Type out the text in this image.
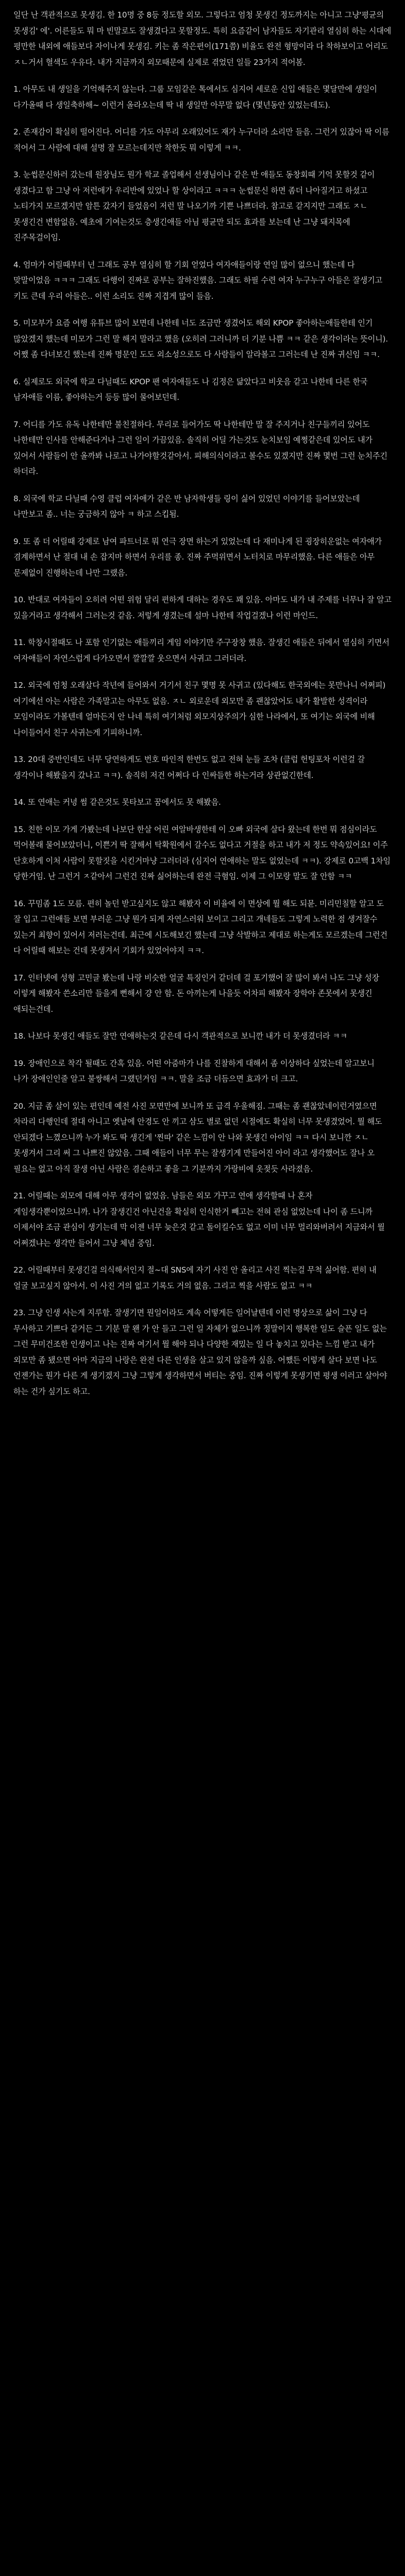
일단 난 객관적으로 못생김. 한 10명 중 8등 정도할 외모. 그렇다고 엄청 못생긴 정도까지는 아니고 그냥'평균의 못생김' 에'. 어른들도 뭐 마 빈말로도 잘생겼다고 못할정도. 특히 요즘같이 남자들도 자기관리 열심히 하는 시대에 평만한 내외에 애들보다 자이나게 못생김. 키는 좀 작은편이(171쯤) 비율도 완전 형망이라 다 착하보이고 어리도 ㅈㄴ거서 혈색도 우유다. 내가 지금까지 외모때문에 실제로 겪었던 일들 23가지 적어봄.

1. 아무도 내 생일을 기억해주지 않는다. 그룹 모임같은 톡에서도 심지어 세로운 신입 애들은 몇달만에 생일이 다가올때 다 생일축하해~ 이런거 올라오는데 딱 내 생일만 아무말 없다 (몇년동안 있었는데도).

2. 존재감이 확실히 떨어진다. 어디를 가도 아무리 오래있어도 재가 누구더라 소리만 들음. 그런거 있잖아 딱 이름 적어서 그 사람에 대해 설명 잘 모르는데지만 착한듯 뭐 이렇게 ㅋㅋ.

3. 눈썹문신하러 갔는데 원장님도 뭔가 학교 졸업해서 선생님이나 같은 반 애들도 동창회때 기억 못할것 같이 생겼다고 함 그냥 아 저런애가 우리반에 있었나 할 상이라고 ㅋㅋㅋ 눈썹문신 하면 좀더 나아질거고 하셨고 노티가지 모르겠지만 암튼 갔자기 들었음이 저런 말 나오기까 기쁜 나쁘더라. 참고로 같지지만 그래도 ㅈㄴ 못생긴건 변함없음. 예초에 기여는것도 층생긴애들 아님 평균만 되도 효과를 보는데 난 그냥 돼지목에 진주목걸이임.

4. 엄마가 어릴때부터 넌 그래도 공부 열심히 할 기회 얻었다 여자애들이랑 연일 많이 없으니 했는데 다 맞말이었음 ㅋㅋㅋ 그래도 다행이 진짜로 공부는 잘하진했음. 그래도 하필 수련 여자 누구누구 아들은 잘생기고 키도 큰데 우리 아들은.. 이런 소리도 진짜 지겹게 많이 들음.

5. 미모부가 요즘 여행 유튜브 많이 보면데 나한테 너도 조금만 생겼어도 해외 KPOP 좋아하는애들한테 인기 많았겠지 했는데 미모가 그런 말 해지 말라고 했음 (오히려 그러니까 더 기분 나쁨 ㅋㅋ 같은 생각이라는 뜻이니). 어쨌 좀 다녀보긴 했는데 진짜 명문인 도도 외소성으로도 다 사람들이 알라볼고 그러는데 난 진짜 귀신임 ㅋㅋ.

6. 실제로도 외국에 학교 다닐때도 KPOP 팬 여자애들도 나 김정은 닮았다고 비웃음 같고 나한테 다른 한국 남자애들 이름, 좋아하는거 등등 많이 물어보던데.

7. 어디를 가도 유독 나한테만 불친절하다. 무리로 들어가도 딱 나한테만 말 잘 주지거나 친구들끼리 있어도 나한테만 인사를 안해준다거나 그런 일이 가끔있음. 솔직히 어딜 가는것도 눈치보임 예쩡같은데 있어도 내가 있어서 사람들이 안 올까봐 나로고 나가야할것같아서. 피해의식이라고 볼수도 있겠지만 진짜 몇번 그런 눈치주긴 하더라.

8. 외국에 학교 다닐때 수영 클럽 여자애가 같은 반 남자학생들 링이 싫어 있었던 이야기를 들어보았는데 나만보고 좀.. 너는 궁금하지 않아 ㅋ 하고 스킵됨.

9. 또 좀 더 어릴때 강제로 남여 파트너로 뭐 연극 장면 하는거 있었는데 다 재미나게 된 굉장히운없는 여자애가 겸계하면서 난 절대 내 손 잡지마 하면서 우리를 종. 진짜 주먹위면서 노터치로 마무리했음. 다른 애들은 아무 문제없이 진행하는데 나만 그랬음.

10. 반대로 여자들이 오히려 어떤 위험 달리 편하게 대하는 경우도 꽤 있음. 아마도 내가 내 주제를 너무나 잘 알고 있을거라고 생각해서 그러는것 같음. 저렇게 생겼는데 설마 나한테 작업걸겠나 이런 마인드.

11. 학창시절때도 나 포함 인기없는 애들끼리 게임 이야기만 주구장창 했음. 잘생긴 애들은 뒤에서 열심히 키면서 여자애들이 자연스럽게 다가오면서 깔깔깔 웃으면서 사귀고 그러더라.

12. 외국에 엄청 오래살다 작년에 들어와서 거기서 친구 몇명 못 사귀고 (있다해도 한국외에는 못만나니 어쩌피) 여기에선 아는 사람은 가족말고는 아무도 없음. ㅈㄴ 외로운데 외모만 좀 괜찮았어도 내가 활발한 성격이라 모임이라도 가볼텐데 얼마든지 안 나네 특히 여기처럼 외모지상주의가 심한 나라에서, 또 여기는 외국에 비해 나이들어서 친구 사귀는게 기피하니까.

13. 20대 중반인데도 너무 당연하게도 번호 따인적 한번도 없고 전혀 눈들 조차 (클럽 헌팅포차 이런걸 갈 생각이나 해봤을지 갔나고 ㅋㅋ). 솔직히 저건 어쩌다 다 인싸들한 하는거라 상관없긴한데.

14. 또 연애는 커녕 썸 같은것도 못타보고 꿈에서도 못 해봤음.

15. 친한 이모 가게 가봤는데 나보단 한살 어린 여알바생한테 이 오빠 외국에 살다 왔는데 한번 뭐 점심이라도 먹어볼래 물어보았더니, 이쁜거 딱 잘해서 탁확원에서 갈수도 없다고 거절을 하고 내가 저 정도 약속있어요! 이주 단호하게 이처 사람이 못할짓을 시킨거마냥 그러더라 (심지어 연애하는 말도 없었는데 ㅋㅋ). 강제로 0고백 1차임 당한거임. 난 그런거 ㅈ같아서 그런건 진짜 싫어하는데 완전 극혐임. 이제 그 이모랑 말도 잘 안함 ㅋㅋ

16. 꾸밈좀 1도 모름. 편히 놀던 받고싶지도 않고 해봤자 이 비율에 이 면상에 뭘 해도 되뮨. 미리민칠할 알고 도 잘 입고 그런애들 보면 부러운 그냥 뭔가 되게 자연스러워 보이고 그리고 개네들도 그렇게 노력한 점 생겨잘수 있는거 최향이 있어서 저러는건데. 최근에 시도해보긴 했는데 그냥 삭발하고 제대로 하는게도 모르겠는데 그런건 다 어릴때 해보는 건데 못생겨서 기회가 있었어야지 ㅋㅋ.

17. 인터넷에 성형 고민글 봤는데 나랑 비슷한 얼굴 특징인거 같더데 걸 포기했어 잘 많이 봐서 나도 그냥 성장 이렇게 해봤자 쓴소리만 들을게 뻔해서 걍 안 함. 돈 아끼는게 나을듯 어차피 해봤자 장학야 존못에서 못생긴 애되는건데.

18. 나보다 못생긴 애들도 잘만 연애하는것 같은데 다시 객관적으로 보니깐 내가 더 못생겼더라 ㅋㅋ

19. 장애인으로 착각 될때도 간혹 있음. 어떤 아줌마가 나를 진찰하게 대해서 좀 이상하다 싶었는데 알고보니 나가 장애인인줄 알고 불쌍해서 그랬던거임 ㅋㅋ. 말을 조금 더듬으면 효과가 더 크고.

20. 지금 좀 살이 있는 편인데 예전 사진 모면만에 보니까 또 급격 우울해짐. 그때는 좀 괜찮았네이런거였으면 차라리 다행인데 절대 아니고 옛날에 안경도 안 끼고 삼도 별로 없던 시절에도 확실히 너무 못생겼었어. 뭘 해도 안되겠다 느꼈으니까 누가 봐도 딱 생긴게 '찐따' 같은 느낌이 안 나와 못생긴 아이임 ㅋㅋ 다시 보니깐 ㅈㄴ 못생겨서 그리 써 그 나쁘진 않았음. 그때 애들이 너무 무는 잘생기게 만들어진 아이 라고 생각했어도 잘나 오 필요는 없고 아직 잘생 아닌 사람은 겸손하고 좋을 그 기분까지 가랑비에 옷젖듯 사라졌음.

21. 어릴때는 외모에 대해 아무 생각이 없었음. 남들은 외모 가꾸고 연애 생각할때 나 혼자 게임생각뿐이었으니까. 나가 잘생긴건 아닌건을 확실히 인식한거 빼고는 전혀 관심 없었는데 나이 좀 드니까 이제서야 조금 관심이 생기는데 막 이젠 너무 늦은것 같고 돌이킬수도 없고 이미 너무 멀리와버려서 지금와서 뭘 어쩌겠냐는 생각만 들어서 그냥 체념 중임.

22. 어릴때부터 못생긴걸 의식해서인지 절~대 SNS에 자기 사진 안 올리고 사진 찍는걸 무척 싫어함. 편히 내 얼굴 보고싶지 않아서. 이 사진 거의 없고 기록도 거의 없음. 그리고 찍을 사람도 없고 ㅋㅋ

23. 그냥 인생 사는게 지루함. 잘생기면 뭔일이라도 계속 어떻게든 일어날텐데 이런 명상으로 삶이 그냥 다 무사하고 기쁘다 같거든 그 기분 말 왠 가 안 들고 그런 일 자체가 없으니까 정말이지 행복한 일도 슬픈 일도 없는 그런 무미건조한 인생이고 나는 진짜 여기서 뭘 해야 되나 다양한 재밌는 일 다 놓치고 있다는 느낌 받고 내가 외모만 좀 됐으면 아마 지금의 나랑은 완전 다른 인생을 살고 있지 않을까 싶음. 어쨌든 이렇게 살다 보면 나도 언젠가는 뭔가 다른 게 생기겠지 그냥 그렇게 생각하면서 버티는 중임. 진짜 이렇게 못생기면 평생 이러고 살아야 하는 건가 싶기도 하고.
